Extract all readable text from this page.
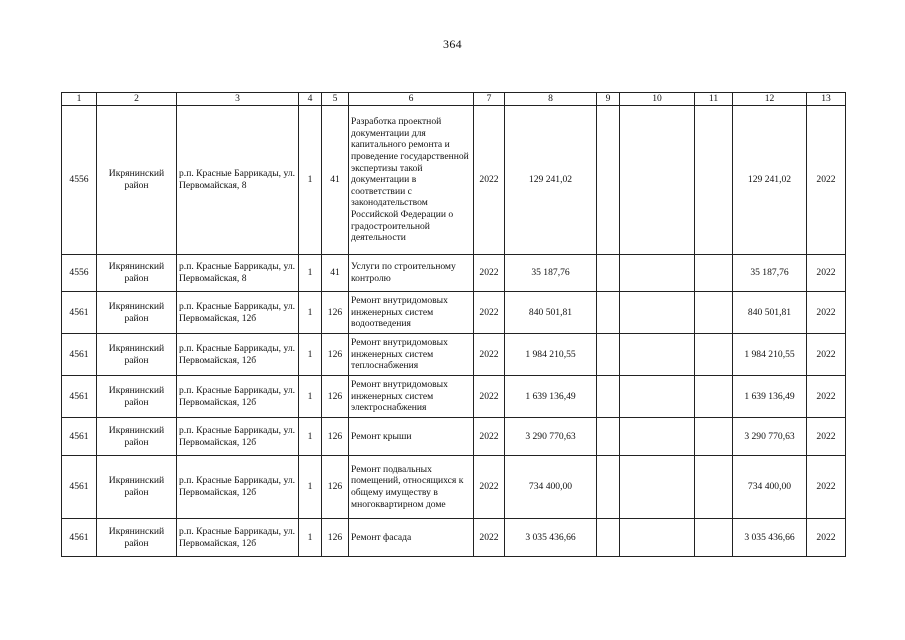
364
1	2	3	4	5	6	7	8	9	10	11	12	13
4556	Икрянинский район	р.п. Красные Баррикады, ул. Первомайская, 8	1	41	Разработка проектной документации для капитального ремонта и проведение государственной экспертизы такой документации в соответствии с законодательством Российской Федерации о градостроительной деятельности	2022	129 241,02				129 241,02	2022
4556	Икрянинский район	р.п. Красные Баррикады, ул. Первомайская, 8	1	41	Услуги по строительному контролю	2022	35 187,76				35 187,76	2022
4561	Икрянинский район	р.п. Красные Баррикады, ул. Первомайская, 12б	1	126	Ремонт внутридомовых инженерных систем водоотведения	2022	840 501,81				840 501,81	2022
4561	Икрянинский район	р.п. Красные Баррикады, ул. Первомайская, 12б	1	126	Ремонт внутридомовых инженерных систем теплоснабжения	2022	1 984 210,55				1 984 210,55	2022
4561	Икрянинский район	р.п. Красные Баррикады, ул. Первомайская, 12б	1	126	Ремонт внутридомовых инженерных систем электроснабжения	2022	1 639 136,49				1 639 136,49	2022
4561	Икрянинский район	р.п. Красные Баррикады, ул. Первомайская, 12б	1	126	Ремонт крыши	2022	3 290 770,63				3 290 770,63	2022
4561	Икрянинский район	р.п. Красные Баррикады, ул. Первомайская, 12б	1	126	Ремонт подвальных помещений, относящихся к общему имуществу в многоквартирном доме	2022	734 400,00				734 400,00	2022
4561	Икрянинский район	р.п. Красные Баррикады, ул. Первомайская, 12б	1	126	Ремонт фасада	2022	3 035 436,66				3 035 436,66	2022
